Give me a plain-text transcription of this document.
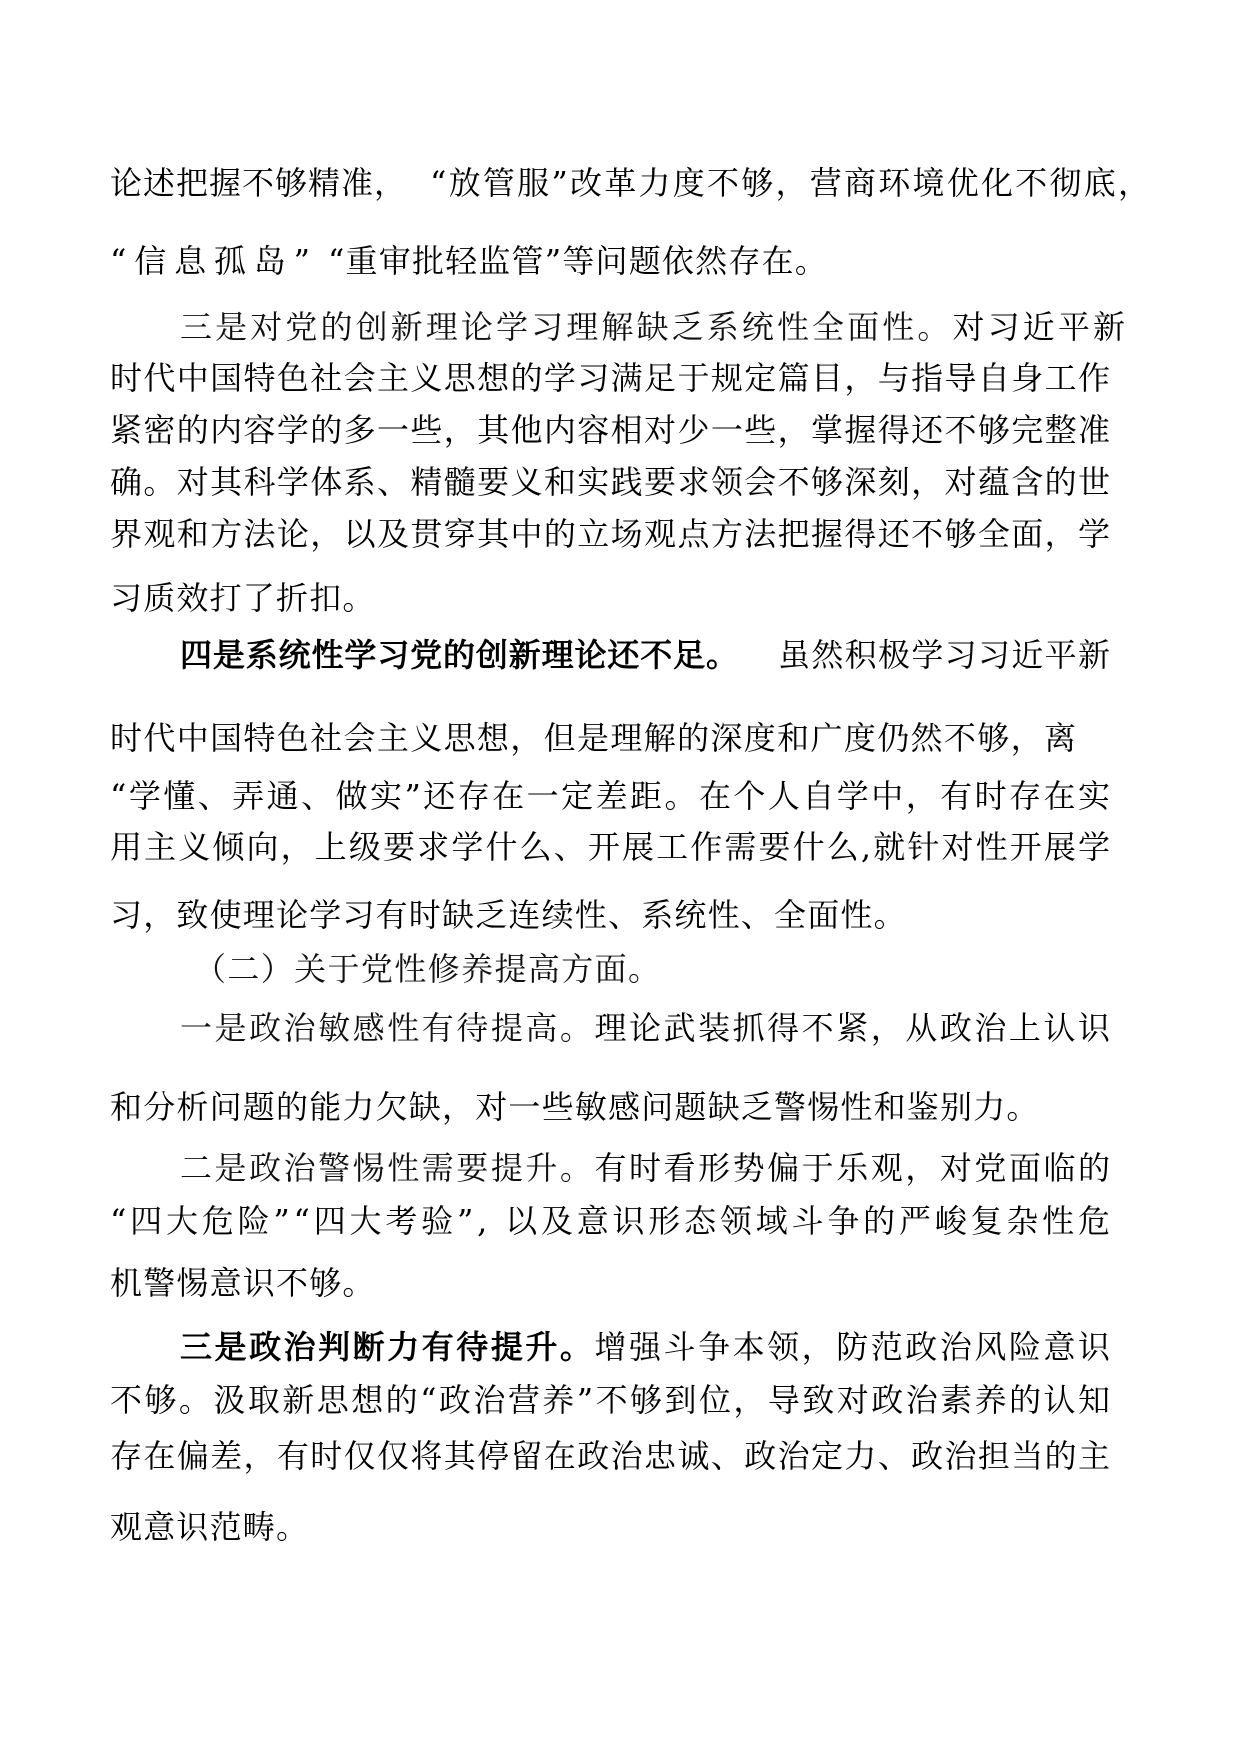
论述把握不够精准， “放管服”改革力度不够，营商环境优化不彻底，
“信息孤岛” “重审批轻监管”等问题依然存在。
三是对党的创新理论学习理解缺乏系统性全面性。对习近平新
时代中国特色社会主义思想的学习满足于规定篇目，与指导自身工作
紧密的内容学的多一些，其他内容相对少一些，掌握得还不够完整准
确。对其科学体系、精髓要义和实践要求领会不够深刻，对蕴含的世
界观和方法论，以及贯穿其中的立场观点方法把握得还不够全面，学
习质效打了折扣。
四是系统性学习党的创新理论还不足。 虽然积极学习习近平新
时代中国特色社会主义思想，但是理解的深度和广度仍然不够，离
“学懂、弄通、做实”还存在一定差距。在个人自学中，有时存在实
用主义倾向，上级要求学什么、开展工作需要什么,就针对性开展学
习，致使理论学习有时缺乏连续性、系统性、全面性。
（二）关于党性修养提高方面。
一是政治敏感性有待提高。理论武装抓得不紧，从政治上认识
和分析问题的能力欠缺，对一些敏感问题缺乏警惕性和鉴别力。
二是政治警惕性需要提升。有时看形势偏于乐观，对党面临的
“四大危险”“四大考验”, 以及意识形态领域斗争的严峻复杂性危
机警惕意识不够。
三是政治判断力有待提升。增强斗争本领，防范政治风险意识
不够。汲取新思想的“政治营养”不够到位，导致对政治素养的认知
存在偏差，有时仅仅将其停留在政治忠诚、政治定力、政治担当的主
观意识范畴。
